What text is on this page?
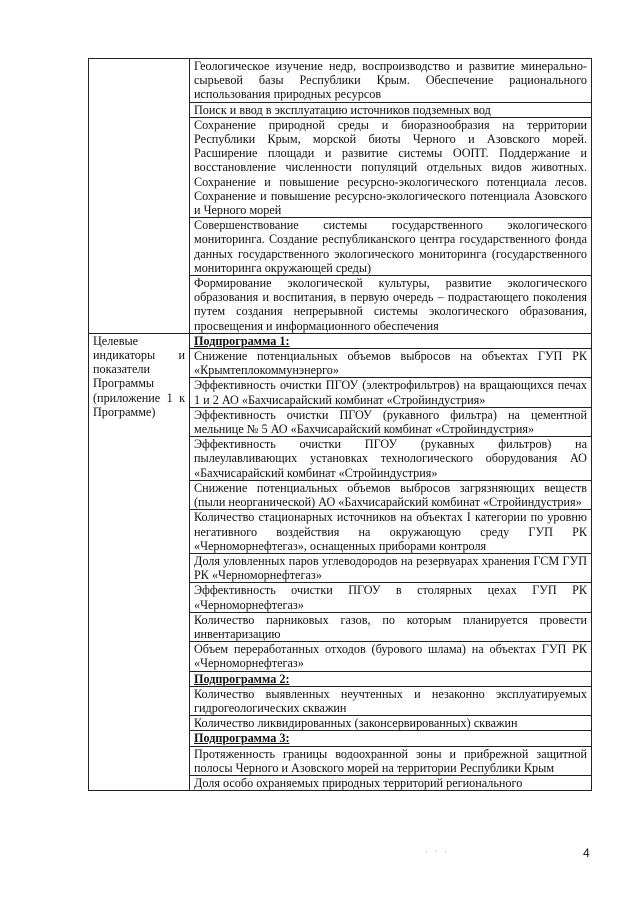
	Геологическое изучение недр, воспроизводство и развитие минерально-сырьевой базы Республики Крым. Обеспечение рационального использования природных ресурсов
	Поиск и ввод в эксплуатацию источников подземных вод
	Сохранение природной среды и биоразнообразия на территории Республики Крым, морской биоты Черного и Азовского морей. Расширение площади и развитие системы ООПТ. Поддержание и восстановление численности популяций отдельных видов животных. Сохранение и повышение ресурсно-экологического потенциала лесов. Сохранение и повышение ресурсно-экологического потенциала Азовского и Черного морей
	Совершенствование системы государственного экологического мониторинга. Создание республиканского центра государственного фонда данных государственного экологического мониторинга (государственного мониторинга окружающей среды)
	Формирование экологической культуры, развитие экологического образования и воспитания, в первую очередь – подрастающего поколения путем создания непрерывной системы экологического образования, просвещения и информационного обеспечения
Целевые индикаторы и показатели Программы (приложение 1 к Программе)	Подпрограмма 1:
	Снижение потенциальных объемов выбросов на объектах ГУП РК «Крымтеплокоммунэнерго»
	Эффективность очистки ПГОУ (электрофильтров) на вращающихся печах 1 и 2 АО «Бахчисарайский комбинат «Стройиндустрия»
	Эффективность очистки ПГОУ (рукавного фильтра) на цементной мельнице № 5 АО «Бахчисарайский комбинат «Стройиндустрия»
	Эффективность очистки ПГОУ (рукавных фильтров) на пылеулавливающих установках технологического оборудования АО «Бахчисарайский комбинат «Стройиндустрия»
	Снижение потенциальных объемов выбросов загрязняющих веществ (пыли неорганической) АО «Бахчисарайский комбинат «Стройиндустрия»
	Количество стационарных источников на объектах I категории по уровню негативного воздействия на окружающую среду ГУП РК «Черноморнефтегаз», оснащенных приборами контроля
	Доля уловленных паров углеводородов на резервуарах хранения ГСМ ГУП РК «Черноморнефтегаз»
	Эффективность очистки ПГОУ в столярных цехах ГУП РК «Черноморнефтегаз»
	Количество парниковых газов, по которым планируется провести инвентаризацию
	Объем переработанных отходов (бурового шлама) на объектах ГУП РК «Черноморнефтегаз»
	Подпрограмма 2:
	Количество выявленных неучтенных и незаконно эксплуатируемых гидрогеологических скважин
	Количество ликвидированных (законсервированных) скважин
	Подпрограмма 3:
	Протяженность границы водоохранной зоны и прибрежной защитной полосы Черного и Азовского морей на территории Республики Крым
	Доля особо охраняемых природных территорий регионального
· · ·	4
